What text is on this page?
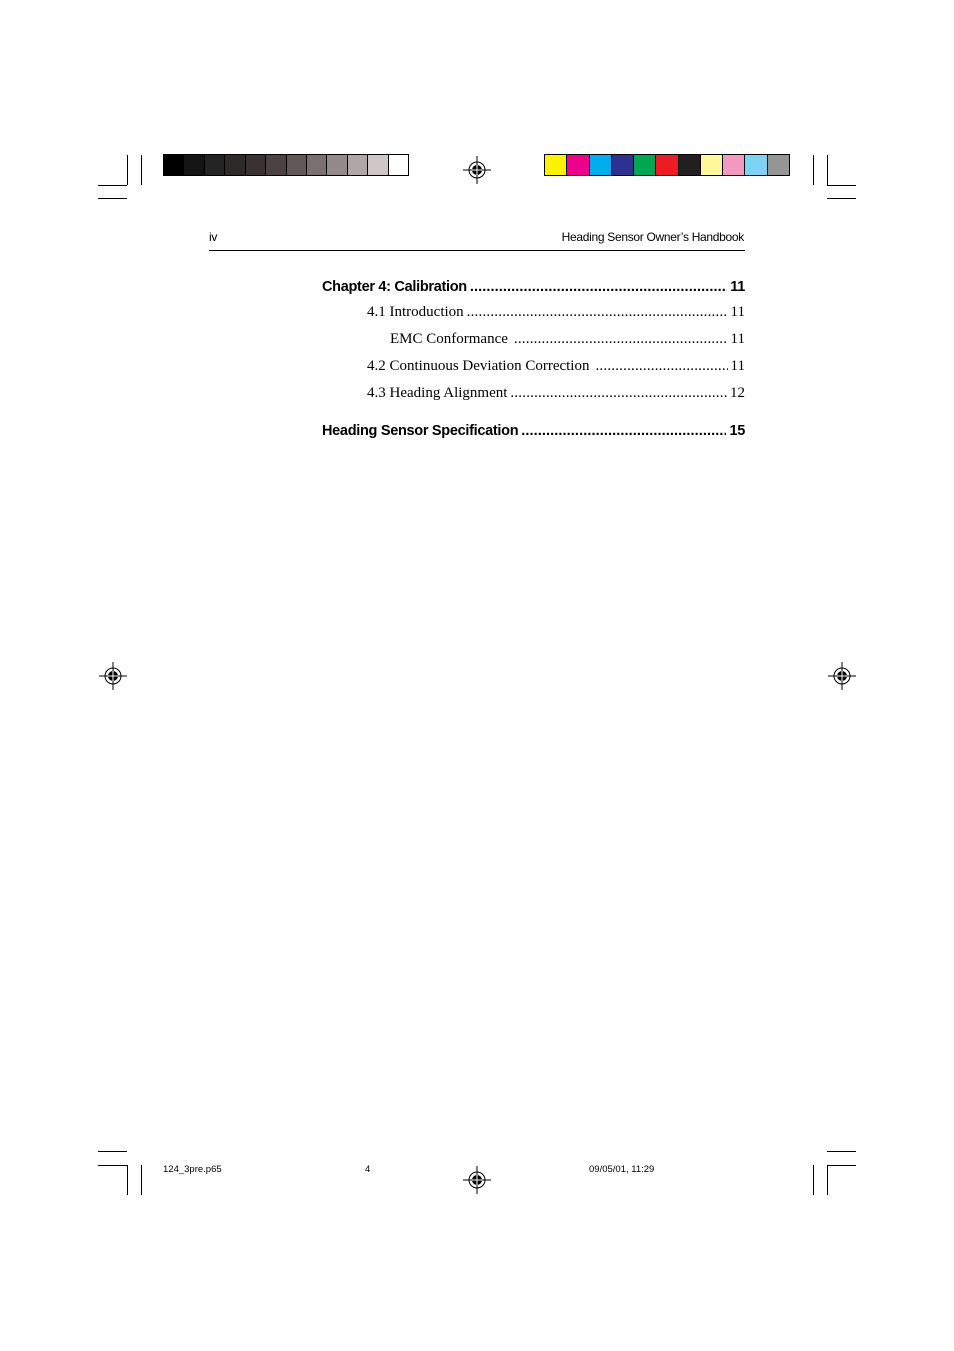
iv	Heading Sensor Owner’s Handbook
Chapter 4: Calibration .....	11
4.1 Introduction .....	11
EMC Conformance .....	11
4.2 Continuous Deviation Correction .....	11
4.3 Heading Alignment .....	12
Heading Sensor Specification .....	15
124_3pre.p65	4	09/05/01, 11:29
